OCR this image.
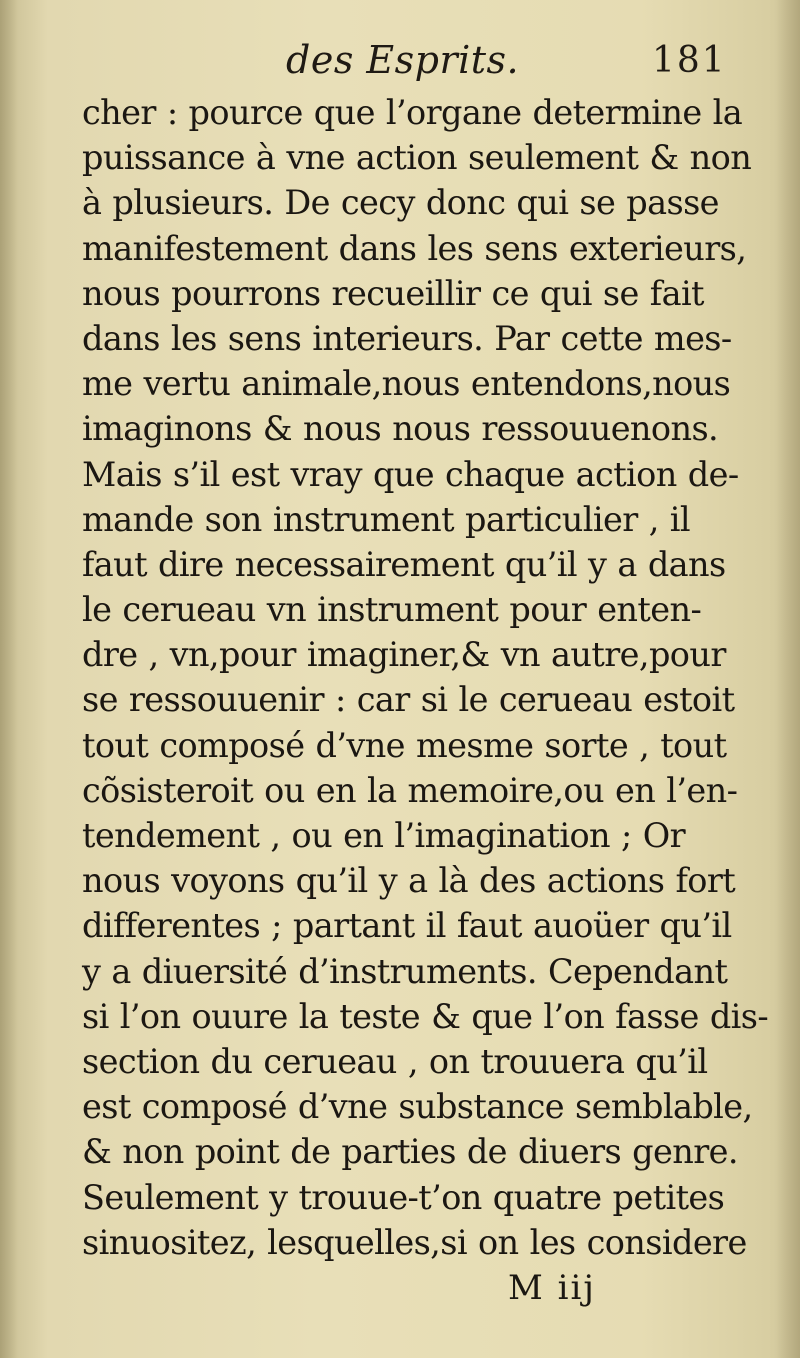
des Esprits.	181
cher : pource que l’organe determine la
puissance à vne action seulement & non
à plusieurs. De cecy donc qui se passe
manifestement dans les sens exterieurs,
nous pourrons recueillir ce qui se fait
dans les sens interieurs. Par cette mes-
me vertu animale,nous entendons,nous
imaginons & nous nous ressouuenons.
Mais s’il est vray que chaque action de-
mande son instrument particulier , il
faut dire necessairement qu’il y a dans
le cerueau vn instrument pour enten-
dre , vn,pour imaginer,& vn autre,pour
se ressouuenir : car si le cerueau estoit
tout composé d’vne mesme sorte , tout
cõsisteroit ou en la memoire,ou en l’en-
tendement , ou en l’imagination ; Or
nous voyons qu’il y a là des actions fort
differentes ; partant il faut auoüer qu’il
y a diuersité d’instruments. Cependant
si l’on ouure la teste & que l’on fasse dis-
section du cerueau , on trouuera qu’il
est composé d’vne substance semblable,
& non point de parties de diuers genre.
Seulement y trouue-t’on quatre petites
sinuositez, lesquelles,si on les considere
M iij
